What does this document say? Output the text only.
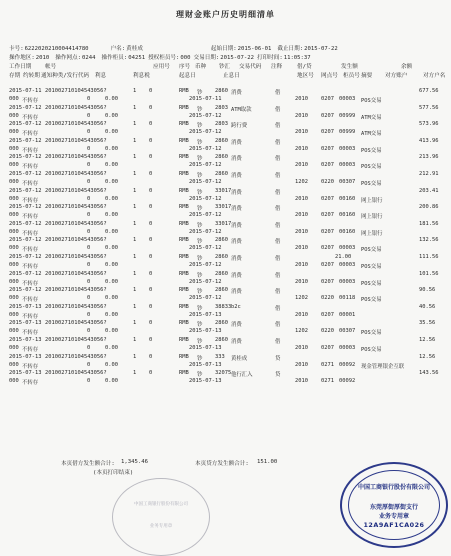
理财金账户历史明细清单
卡号:6222020210004414780	户名:黄桂成	起始日期:2015-06-01 截止日期:2015-07-22
操作地区:2010 操作网点:0244 操作柜员:04251 授权柜员号:000 交易日期:2015-07-22 打印时间:11:05:37
工作日期 帐号	应用号 序号 币种 钞汇 交易代码 注释	借/贷	发生额	余额
存期 约转期 通知种类/发行代码 利息	利息税	起息日	止息日	地区号 网点号 柜员号 摘要 对方账户	对方户名
2015-07-11 201002710104543056?	1 0	RMB 钞 2860 消费	借	677.56
000 不转存	0	0.00	2015-07-11	2010 0207 00003 POS交易
2015-07-12 201002710104543056?	1 0	RMB 钞 2803 ATM取款	借	577.56
000 不转存	0	0.00	2015-07-12	2010 0207 00999 ATM交易
2015-07-12 201002710104543056?	1 0	RMB 钞 2803 跨行费	借	573.96
000 不转存	0	0.00	2015-07-12	2010 0207 00999 ATM交易
2015-07-12 201002710104543056?	1 0	RMB 钞 2860 消费	借	413.96
000 不转存	0	0.00	2015-07-12	2010 0207 00003 POS交易
2015-07-12 201002710104543056?	1 0	RMB 钞 2860 消费	借	213.96
000 不转存	0	0.00	2015-07-12	2010 0207 00003 POS交易
2015-07-12 201002710104543056?	1 0	RMB 钞 2860 消费	借	212.91
000 不转存	0	0.00	2015-07-12	1202 0220 00307 POS交易
2015-07-12 201002710104543056?	1 0	RMB 钞 33017 消费	借	203.41
000 不转存	0	0.00	2015-07-12	2010 0207 00160 网上银行
2015-07-12 201002710104543056?	1 0	RMB 钞 33017 消费	借	200.86
000 不转存	0	0.00	2015-07-12	2010 0207 00160 网上银行
2015-07-12 201002710104543056?	1 0	RMB 钞 33017 消费	借	181.56
000 不转存	0	0.00	2015-07-12	2010 0207 00160 网上银行
2015-07-12 201002710104543056?	1 0	RMB 钞 2860 消费	借	132.56
000 不转存	0	0.00	2015-07-12	2010 0207 00003 POS交易
2015-07-12 201002710104543056?	1 0	RMB 钞 2860 消费	借	21.00	111.56
000 不转存	0	0.00	2015-07-12	2010 0207 00003 POS交易
2015-07-12 201002710104543056?	1 0	RMB 钞 2860 消费	借	101.56
000 不转存	0	0.00	2015-07-12	2010 0207 00003 POS交易
2015-07-12 201002710104543056?	1 0	RMB 钞 2860 消费	借	90.56
000 不转存	0	0.00	2015-07-12	1202 0220 00118 POS交易
2015-07-13 201002710104543056?	1 0	RMB 钞 38833 b2c	借	40.56
000 不转存	0	0.00	2015-07-13	2010 0207 00001
2015-07-13 201002710104543056?	1 0	RMB 钞 2860 消费	借	35.56
000 不转存	0	0.00	2015-07-13	1202 0220 00307 POS交易
2015-07-13 201002710104543056?	1 0	RMB 钞 2860 消费	借	12.56
000 不转存	0	0.00	2015-07-13	2010 0207 00003 POS交易
2015-07-13 201002710104543056?	1 0	RMB 钞 333 黄桂成	贷	12.56
000 不转存	0	0.00	2015-07-13	2010 0271 00092 现金管理银企互联
2015-07-13 201002710104543056?	1 0	RMB 钞 32075 他行汇入	贷	143.56
000 不转存	0	0.00	2015-07-13	2010 0271 00092
本页借方发生额合计: 1,345.46	本页贷方发生额合计: 151.00
(本页打印结束)
中国工商银行股份有限公司
业务专用章
中国工商银行股份有限公司
东莞厚街厚街支行
业务专用章
12A9AF1CA026
